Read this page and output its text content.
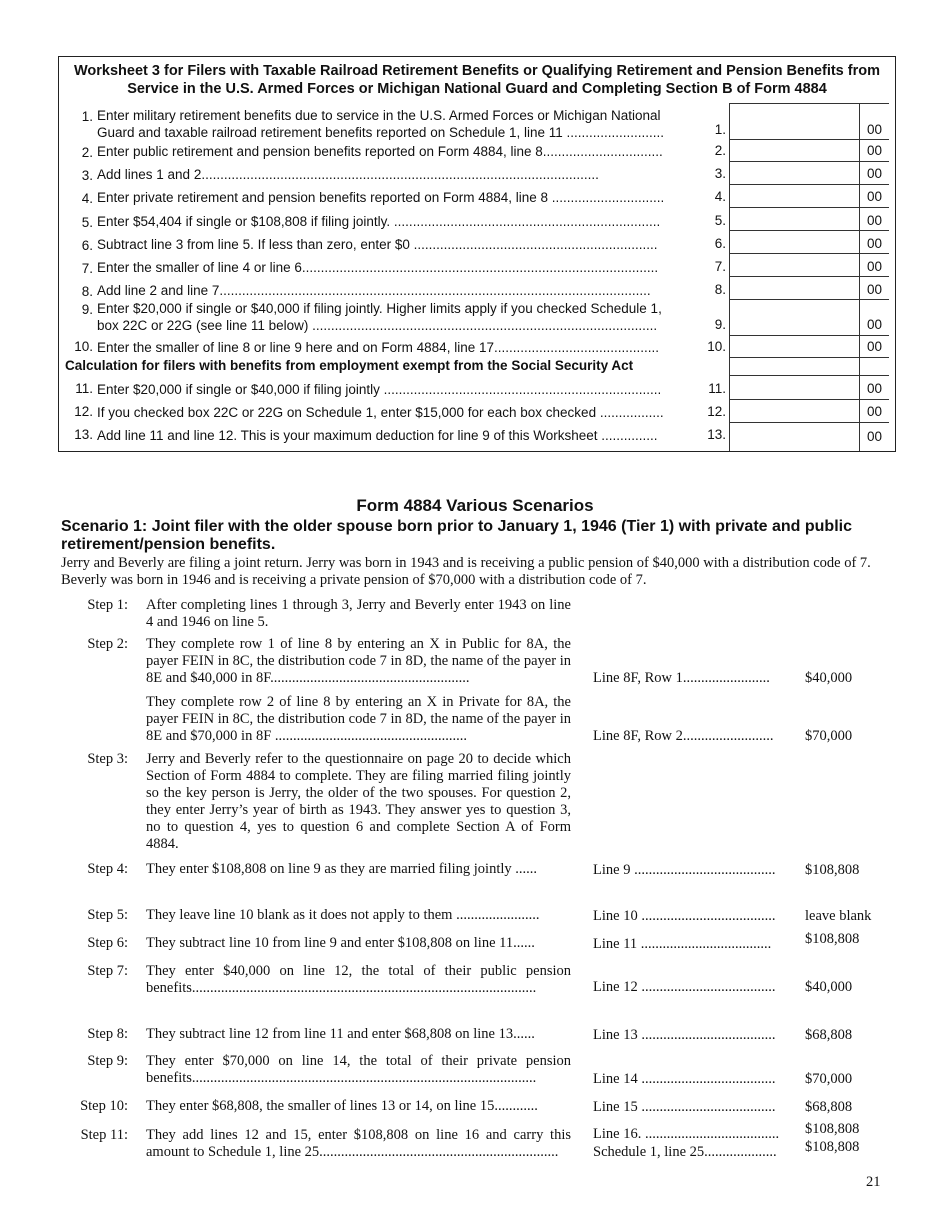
Worksheet 3 for Filers with Taxable Railroad Retirement Benefits or Qualifying Retirement and Pension Benefits from Service in the U.S. Armed Forces or Michigan National Guard and Completing Section B of Form 4884
1. Enter military retirement benefits due to service in the U.S. Armed Forces or Michigan National Guard and taxable railroad retirement benefits reported on Schedule 1, line 11 ..........................	1.	00
2. Enter public retirement and pension benefits reported on Form 4884, line 8................................	2.	00
3. Add lines 1 and 2..........................................................................................................	3.	00
4. Enter private retirement and pension benefits reported on Form 4884, line 8 ..............................	4.	00
5. Enter $54,404 if single or $108,808 if filing jointly. .......................................................................	5.	00
6. Subtract line 3 from line 5. If less than zero, enter $0 .................................................................	6.	00
7. Enter the smaller of line 4 or line 6...............................................................................................	7.	00
8. Add line 2 and line 7...................................................................................................................	8.	00
9. Enter $20,000 if single or $40,000 if filing jointly. Higher limits apply if you checked Schedule 1, box 22C or 22G (see line 11 below) ............................................................................................	9.	00
10. Enter the smaller of line 8 or line 9 here and on Form 4884, line 17............................................	10.	00
Calculation for filers with benefits from employment exempt from the Social Security Act
11. Enter $20,000 if single or $40,000 if filing jointly ..........................................................................	11.	00
12. If you checked box 22C or 22G on Schedule 1, enter $15,000 for each box checked .................	12.	00
13. Add line 11 and line 12. This is your maximum deduction for line 9 of this Worksheet ...............	13.	00
Form 4884 Various Scenarios
Scenario 1: Joint filer with the older spouse born prior to January 1, 1946 (Tier 1) with private and public retirement/pension benefits.
Jerry and Beverly are filing a joint return. Jerry was born in 1943 and is receiving a public pension of $40,000 with a distribution code of 7. Beverly was born in 1946 and is receiving a private pension of $70,000 with a distribution code of 7.
Step 1: After completing lines 1 through 3, Jerry and Beverly enter 1943 on line 4 and 1946 on line 5.
Step 2: They complete row 1 of line 8 by entering an X in Public for 8A, the payer FEIN in 8C, the distribution code 7 in 8D, the name of the payer in 8E and $40,000 in 8F.......................................................	Line 8F, Row 1........................	$40,000
They complete row 2 of line 8 by entering an X in Private for 8A, the payer FEIN in 8C, the distribution code 7 in 8D, the name of the payer in 8E and $70,000 in 8F .....................................................	Line 8F, Row 2.........................	$70,000
Step 3: Jerry and Beverly refer to the questionnaire on page 20 to decide which Section of Form 4884 to complete. They are filing married filing jointly so the key person is Jerry, the older of the two spouses. For question 2, they enter Jerry’s year of birth as 1943. They answer yes to question 3, no to question 4, yes to question 6 and complete Section A of Form 4884.
Step 4: They enter $108,808 on line 9 as they are married filing jointly ......	Line 9 .......................................	$108,808
Step 5: They leave line 10 blank as it does not apply to them .......................	Line 10 .....................................	leave blank
Step 6: They subtract line 10 from line 9 and enter $108,808 on line 11......	Line 11 ....................................	$108,808
Step 7: They enter $40,000 on line 12, the total of their public pension benefits...............................................................................................	Line 12 .....................................	$40,000
Step 8: They subtract line 12 from line 11 and enter $68,808 on line 13......	Line 13 .....................................	$68,808
Step 9: They enter $70,000 on line 14, the total of their private pension benefits...............................................................................................	Line 14 .....................................	$70,000
Step 10: They enter $68,808, the smaller of lines 13 or 14, on line 15............	Line 15 .....................................	$68,808
Step 11: They add lines 12 and 15, enter $108,808 on line 16 and carry this amount to Schedule 1, line 25..................................................................
Line 16. .....................................	$108,808
Schedule 1, line 25....................	$108,808
21
